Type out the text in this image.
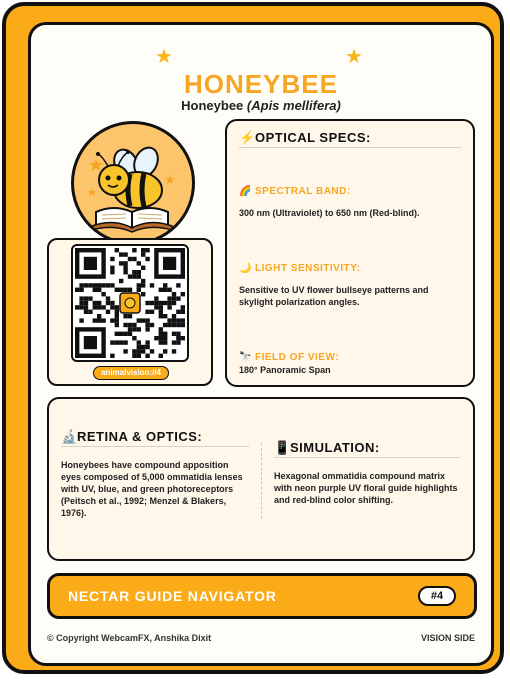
★	★
HONEYBEE
Honeybee (Apis mellifera)
animalvision://4
⚡OPTICAL SPECS:
🌈 SPECTRAL BAND:
300 nm (Ultraviolet) to 650 nm (Red-blind).
🌙 LIGHT SENSITIVITY:
Sensitive to UV flower bullseye patterns and skylight polarization angles.
🔭 FIELD OF VIEW:
180° Panoramic Span
🔬RETINA & OPTICS:
Honeybees have compound apposition eyes composed of 5,000 ommatidia lenses with UV, blue, and green photoreceptors (Peitsch et al., 1992; Menzel & Blakers, 1976).
📱SIMULATION:
Hexagonal ommatidia compound matrix with neon purple UV floral guide highlights and red-blind color shifting.
NECTAR GUIDE NAVIGATOR	#4
© Copyright WebcamFX, Anshika Dixit	VISION SIDE
